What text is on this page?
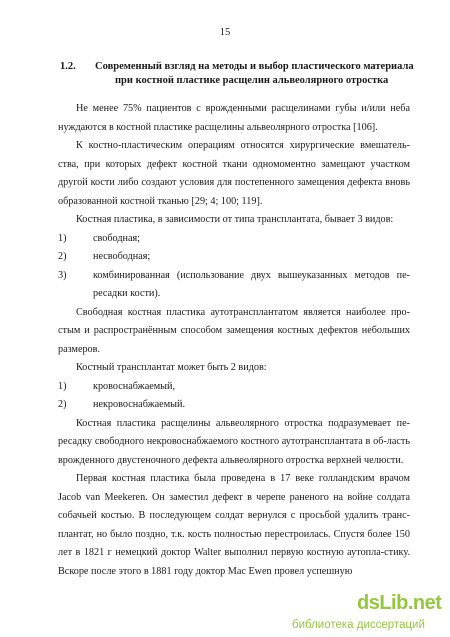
15
1.2. Современный взгляд на методы и выбор пластического материала
при костной пластике расщелин альвеолярного отростка

Не менее 75% пациентов с врожденными расщелинами губы и/или неба нуждаются в костной пластике расщелины альвеолярного отростка [106].

К костно-пластическим операциям относятся хирургические вмешатель-ства, при которых дефект костной ткани одномоментно замещают участком другой кости либо создают условия для постепенного замещения дефекта вновь образованной костной тканью [29; 4; 100; 119].

Костная пластика, в зависимости от типа трансплантата, бывает 3 видов:

1)	свободная;

2)	несвободная;

3)	комбинированная (использование двух вышеуказанных методов пе-ресадки кости).

Свободная костная пластика аутотрансплантатом является наиболее про-стым и распространённым способом замещения костных дефектов небольших размеров.

Костный трансплантат может быть 2 видов:

1)	кровоснабжаемый,

2)	некровоснабжаемый.

Костная пластика расщелины альвеолярного отростка подразумевает пе-ресадку свободного некровоснабжаемого костного аутотрансплантата в об-ласть врожденного двустеночного дефекта альвеолярного отростка верхней челюсти.

Первая костная пластика была проведена в 17 веке голландским врачом Jacob van Meekeren. Он заместил дефект в черепе раненого на войне солдата собачьей костью. В последующем солдат вернулся с просьбой удалить транс-плантат, но было поздно, т.к. кость полностью перестроилась. Спустя более 150 лет в 1821 г немецкий доктор Walter выполнил первую костную аутопла-стику. Вскоре после этого в 1881 году доктор Mac Ewen провел успешную

dsLib.net
библиотека диссертаций
